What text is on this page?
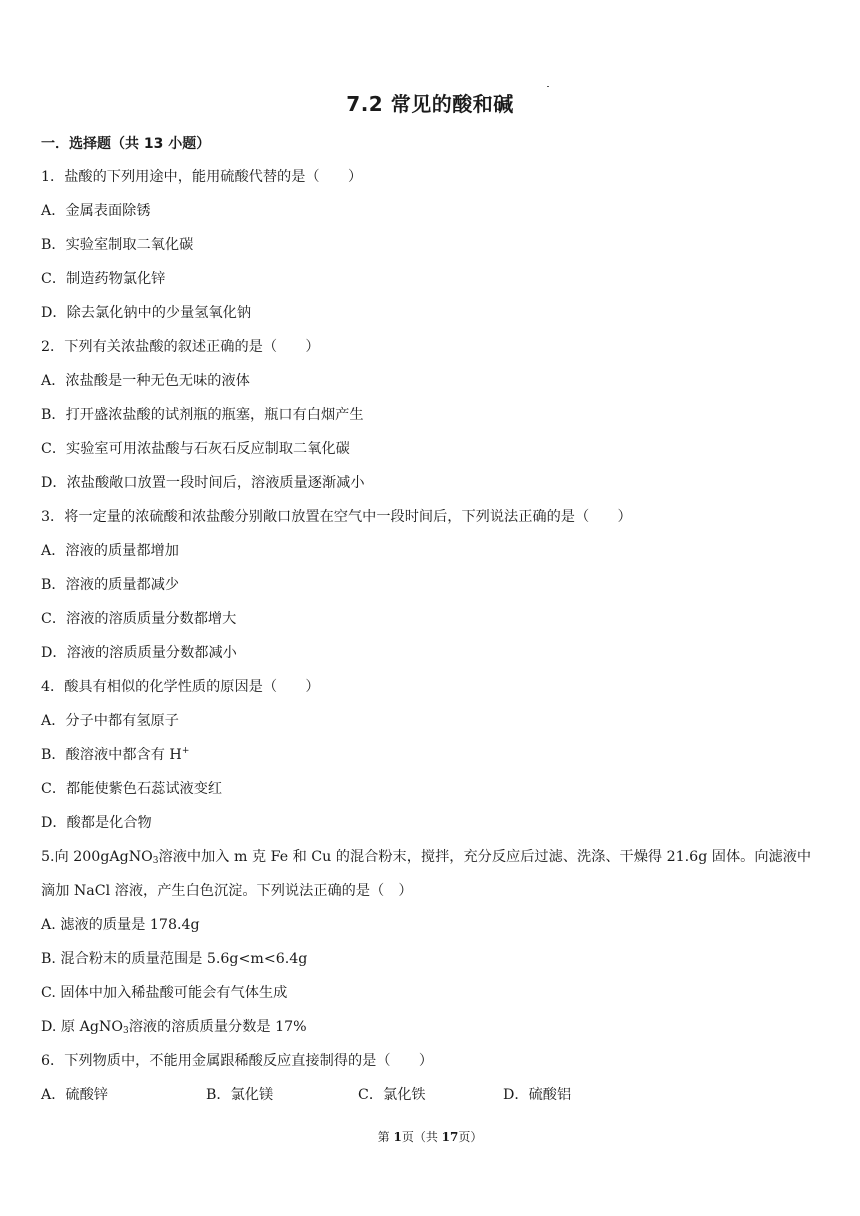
7.2 常见的酸和碱
一．选择题（共 13 小题）
1．盐酸的下列用途中，能用硫酸代替的是（　　）
A．金属表面除锈
B．实验室制取二氧化碳
C．制造药物氯化锌
D．除去氯化钠中的少量氢氧化钠
2．下列有关浓盐酸的叙述正确的是（　　）
A．浓盐酸是一种无色无味的液体
B．打开盛浓盐酸的试剂瓶的瓶塞，瓶口有白烟产生
C．实验室可用浓盐酸与石灰石反应制取二氧化碳
D．浓盐酸敞口放置一段时间后，溶液质量逐渐减小
3．将一定量的浓硫酸和浓盐酸分别敞口放置在空气中一段时间后，下列说法正确的是（　　）
A．溶液的质量都增加
B．溶液的质量都减少
C．溶液的溶质质量分数都增大
D．溶液的溶质质量分数都减小
4．酸具有相似的化学性质的原因是（　　）
A．分子中都有氢原子
B．酸溶液中都含有 H+
C．都能使紫色石蕊试液变红
D．酸都是化合物
5.向 200gAgNO$_3$溶液中加入 m 克 Fe 和 Cu 的混合粉末，搅拌，充分反应后过滤、洗涤、干燥得 21.6g 固体。向滤液中
滴加 NaCl 溶液，产生白色沉淀。下列说法正确的是（　）
A. 滤液的质量是 178.4g
B. 混合粉末的质量范围是 5.6g<m<6.4g
C. 固体中加入稀盐酸可能会有气体生成
D. 原 AgNO$_3$溶液的溶质质量分数是 17%
6．下列物质中，不能用金属跟稀酸反应直接制得的是（　　）
A．硫酸锌	B．氯化镁	C．氯化铁	D．硫酸铝
第 1页（共 17页）
